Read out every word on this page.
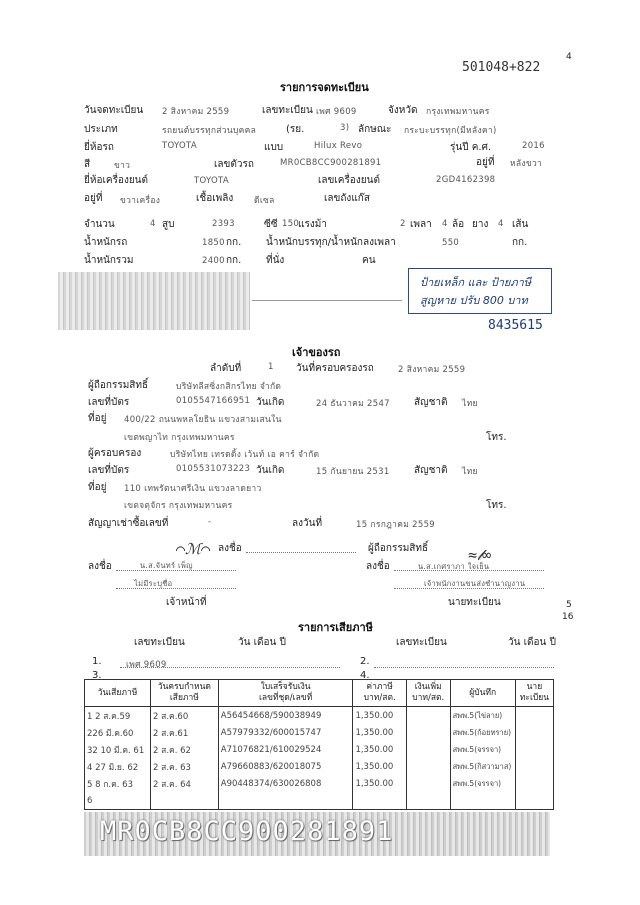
501048+822
4
รายการจดทะเบียน
วันจดทะเบียน 2 สิงหาคม 2559	เลขทะเบียน เพศ 9609	จังหวัด กรุงเทพมหานคร
ประเภท	รถยนต์บรรทุกส่วนบุคคล	(รย.	3) ลักษณะ กระบะบรรทุก(มีหลังคา)
ยี่ห้อรถ	TOYOTA	แบบ	Hilux Revo	รุ่นปี ค.ศ.	2016
สี	ขาว	เลขตัวรถ	MR0CB8CC900281891	อยู่ที่ หลังขวา
ยี่ห้อเครื่องยนต์	TOYOTA	เลขเครื่องยนต์	2GD4162398
อยู่ที่ ขวาเครื่อง	เชื้อเพลิง ดีเซล	เลขถังแก๊ส
จำนวน	4 สูบ	2393	ซีซี 150
แรงม้า	2 เพลา 4 ล้อ ยาง 4 เส้น
น้ำหนักรถ	1850 กก. น้ำหนักบรรทุก/น้ำหนักลงเพลา	550	กก.
น้ำหนักรวม	2400 กก. ที่นั่ง	คน
ป้ายเหล็ก และ ป้ายภาษี
สูญหาย ปรับ 800 บาท
8435615
เจ้าของรถ
ลำดับที่	1 วันที่ครอบครองรถ	2 สิงหาคม 2559
ผู้ถือกรรมสิทธิ์	บริษัทลีสซิ่งกสิกรไทย จำกัด
เลขที่บัตร	0105547166951 วันเกิด	24 ธันวาคม 2547 สัญชาติ ไทย
ที่อยู่ 400/22 ถนนพหลโยธิน แขวงสามเสนใน
เขตพญาไท กรุงเทพมหานคร	โทร.
ผู้ครอบครอง	บริษัทไทย เทรดดิ้ง เว้นท์ เอ คาร์ จำกัด
เลขที่บัตร	0105531073223 วันเกิด	15 กันยายน 2531 สัญชาติ ไทย
ที่อยู่ 110 เทพรัตนาศรีเงิน แขวงลาดยาว
เขตจตุจักร กรุงเทพมหานคร	โทร.
สัญญาเช่าซื้อเลขที่	-	ลงวันที่	15 กรกฎาคม 2559
⌒ℳ⌒ ลงชื่อ	ผู้ถือกรรมสิทธิ์	≈𝓁∞
ลงชื่อ	น.ส.จันทร์ เพ็ญ	ลงชื่อ	น.ส.เกศราภา ใจเย็น
ไม่มีระบุชื่อ	เจ้าพนักงานขนส่งชำนาญงาน
เจ้าหน้าที่	นายทะเบียน	5
16
รายการเสียภาษี
เลขทะเบียน	วัน เดือน ปี	เลขทะเบียน	วัน เดือน ปี
1.	เพศ 9609	2.
3.	4.
วันเสียภาษี	วันครบกำหนด
เสียภาษี	ใบเสร็จรับเงิน
เลขที่ชุด/เลขที่	ค่าภาษี
บาท/สต.	เงินเพิ่ม
บาท/สต.	ผู้บันทึก	นายทะเบียน
1 2 ส.ค.59	2 ส.ค.60	A56454668/590038949	1,350.00		สพพ.5(ไข่ลาย)	
226 มี.ค.60	2 ส.ค.61	A57979332/600015747	1,350.00		สพพ.5(ก้อยทราย)	
32 10 มี.ค. 61	2 ส.ค. 62	A71076821/610029524	1,350.00		สพพ.5(จรรจา)	
4 27 มิ.ย. 62	2 ส.ค. 63	A79660883/620018075	1,350.00		สพพ.5(กิสวามาส)	
5 8 ก.ค. 63	2 ส.ค. 64	A90448374/630026808	1,350.00		สพพ.5(จรรจา)	
6						
MR0CB8CC900281891
